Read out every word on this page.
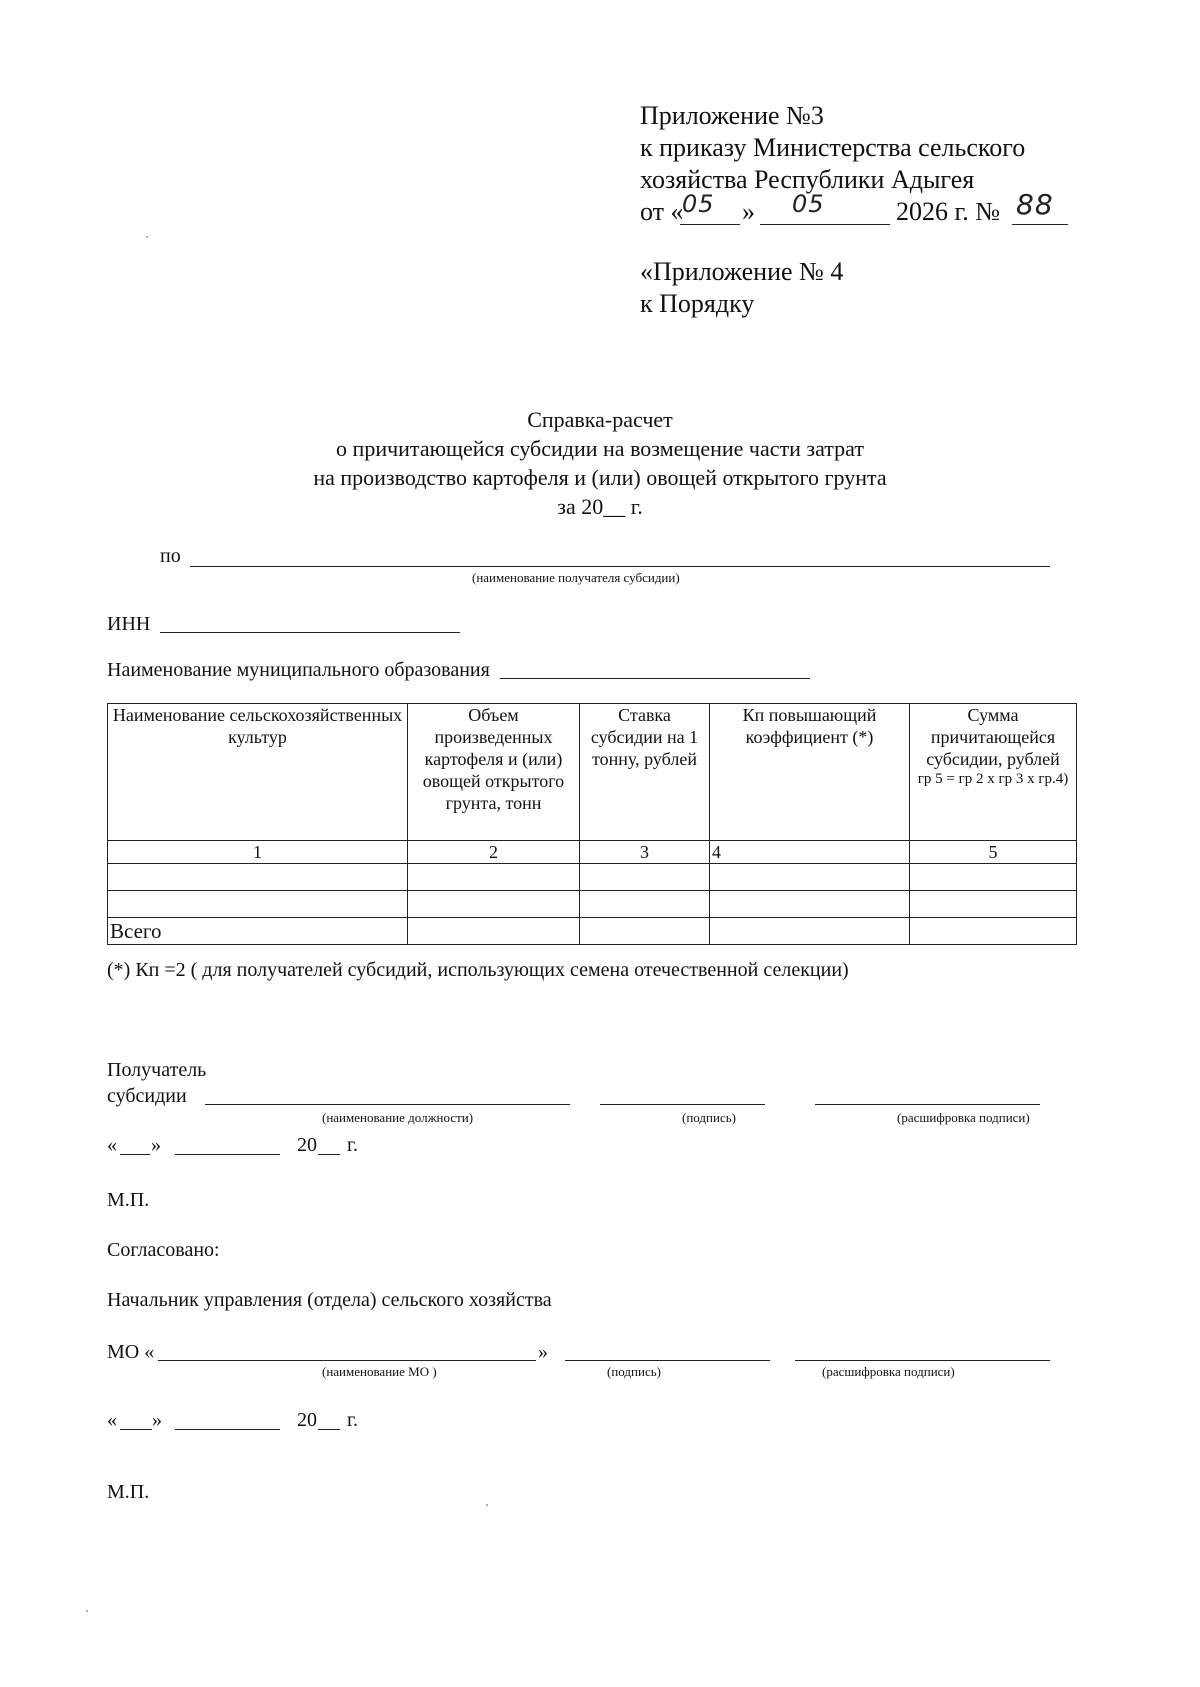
Приложение №3
к приказу Министерства сельского
хозяйства Республики Адыгея
от «
05 » 05	2026 г. № 88
«Приложение № 4
к Порядку
Справка-расчет
о причитающейся субсидии на возмещение части затрат
на производство картофеля и (или) овощей открытого грунта
за 20__ г.
по
(наименование получателя субсидии)
ИНН
Наименование муниципального образования
Наименование сельскохозяйственных культур	Объем произведенных картофеля и (или) овощей открытого грунта, тонн	Ставка субсидии на 1 тонну, рублей	Кп повышающий коэффициент (*)	Сумма причитающейся субсидии, рублей
гр 5 = гр 2 х гр 3 х гр.4)

1	2	3	4	5

Всего				
(*) Кп =2 ( для получателей субсидий, использующих семена отечественной селекции)
Получатель
субсидии
(наименование должности)	(подпись)	(расшифровка подписи)
« »	20 г.
М.П.
Согласовано:
Начальник управления (отдела) сельского хозяйства
МО «	»
(наименование МО )	(подпись)	(расшифровка подписи)
« »	20 г.
М.П.
